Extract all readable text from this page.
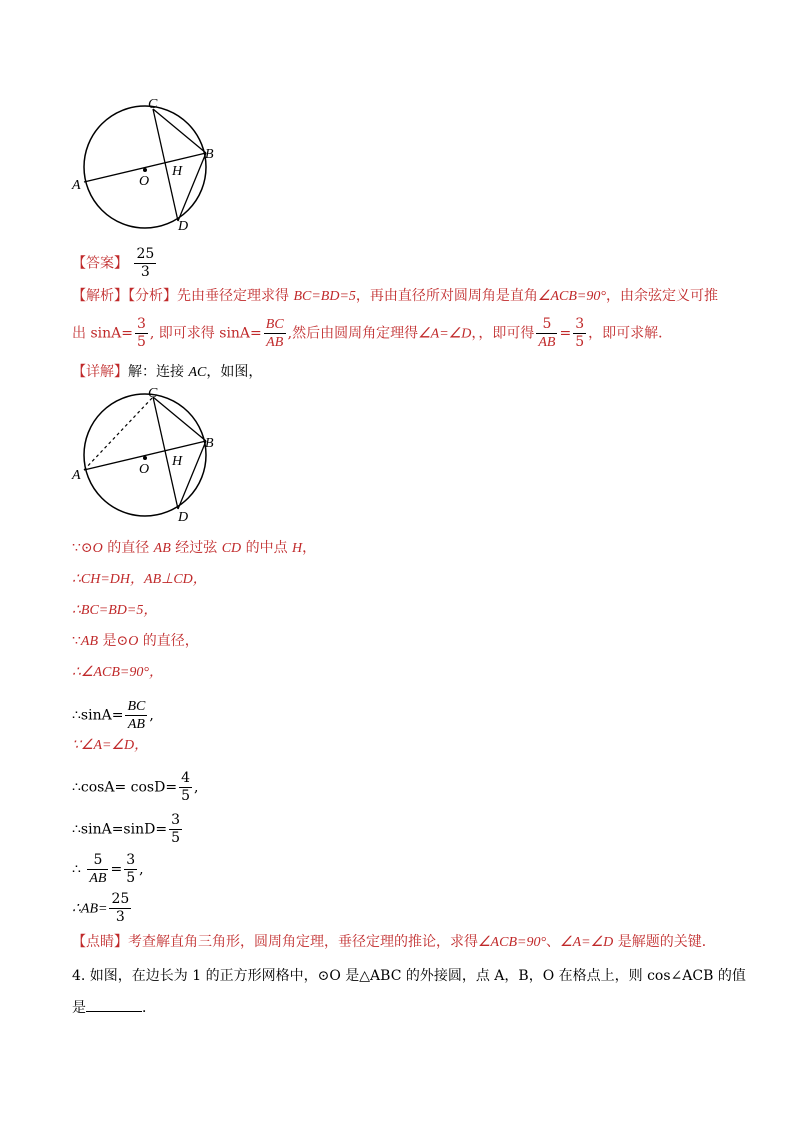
C
B
A	O
H
D
【答案】 $\frac{25}{3}$
【解析】【分析】先由垂径定理求得 BC=BD=5，再由直径所对圆周角是直角∠ACB=90°，由余弦定义可推
出 $\sin A= \frac{3}{5}$ , 即可求得 $\sin A= \frac{BC}{AB}$ ,然后由圆周角定理得∠A=∠D，，即可得 $\frac{5}{AB} = \frac{3}{5}$ ，即可求解．
【详解】解：连接 AC，如图，
C
B
A	O
H
D
∵⊙O 的直径 AB 经过弦 CD 的中点 H，
∴CH=DH，AB⊥CD，
∴BC=BD=5，
∵AB 是⊙O 的直径，
∴∠ACB=90°，
∴sinA= $\frac{BC}{AB}$ ,
∵∠A=∠D，
∴cosA= $\cos D= \frac{4}{5}$ ,
∴sinA=sinD= $\frac{3}{5}$
∴ $\frac{5}{AB} = \frac{3}{5}$ ,
∴AB= $\frac{25}{3}$
【点睛】考查解直角三角形，圆周角定理，垂径定理的推论，求得∠ACB=90°、∠A=∠D 是解题的关键．
4. 如图，在边长为 1 的正方形网格中，⊙O 是△ABC 的外接圆，点 A，B，O 在格点上，则 cos∠ACB 的值
是	．
